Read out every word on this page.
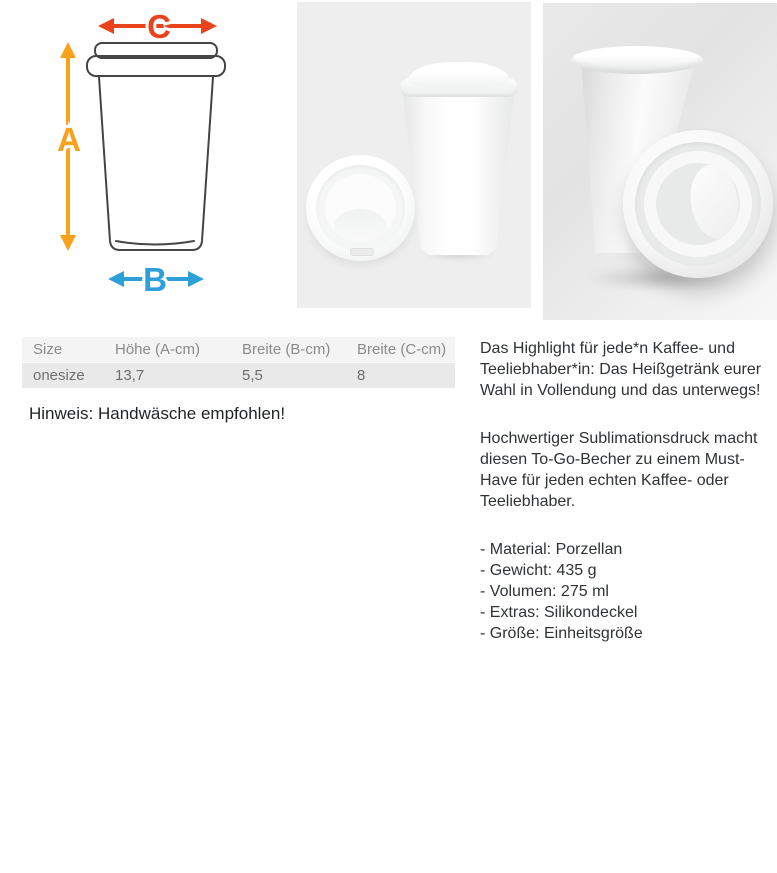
C
A
B
Size	Höhe (A-cm)	Breite (B-cm)	Breite (C-cm)
onesize	13,7	5,5	8
Hinweis: Handwäsche empfohlen!

Das Highlight für jede*n Kaffee- und Teeliebhaber*in: Das Heißgetränk eurer Wahl in Vollendung und das unterwegs!

Hochwertiger Sublimationsdruck macht diesen To-Go-Becher zu einem Must-Have für jeden echten Kaffee- oder Teeliebhaber.

- Material: Porzellan
- Gewicht: 435 g
- Volumen: 275 ml
- Extras: Silikondeckel
- Größe: Einheitsgröße
